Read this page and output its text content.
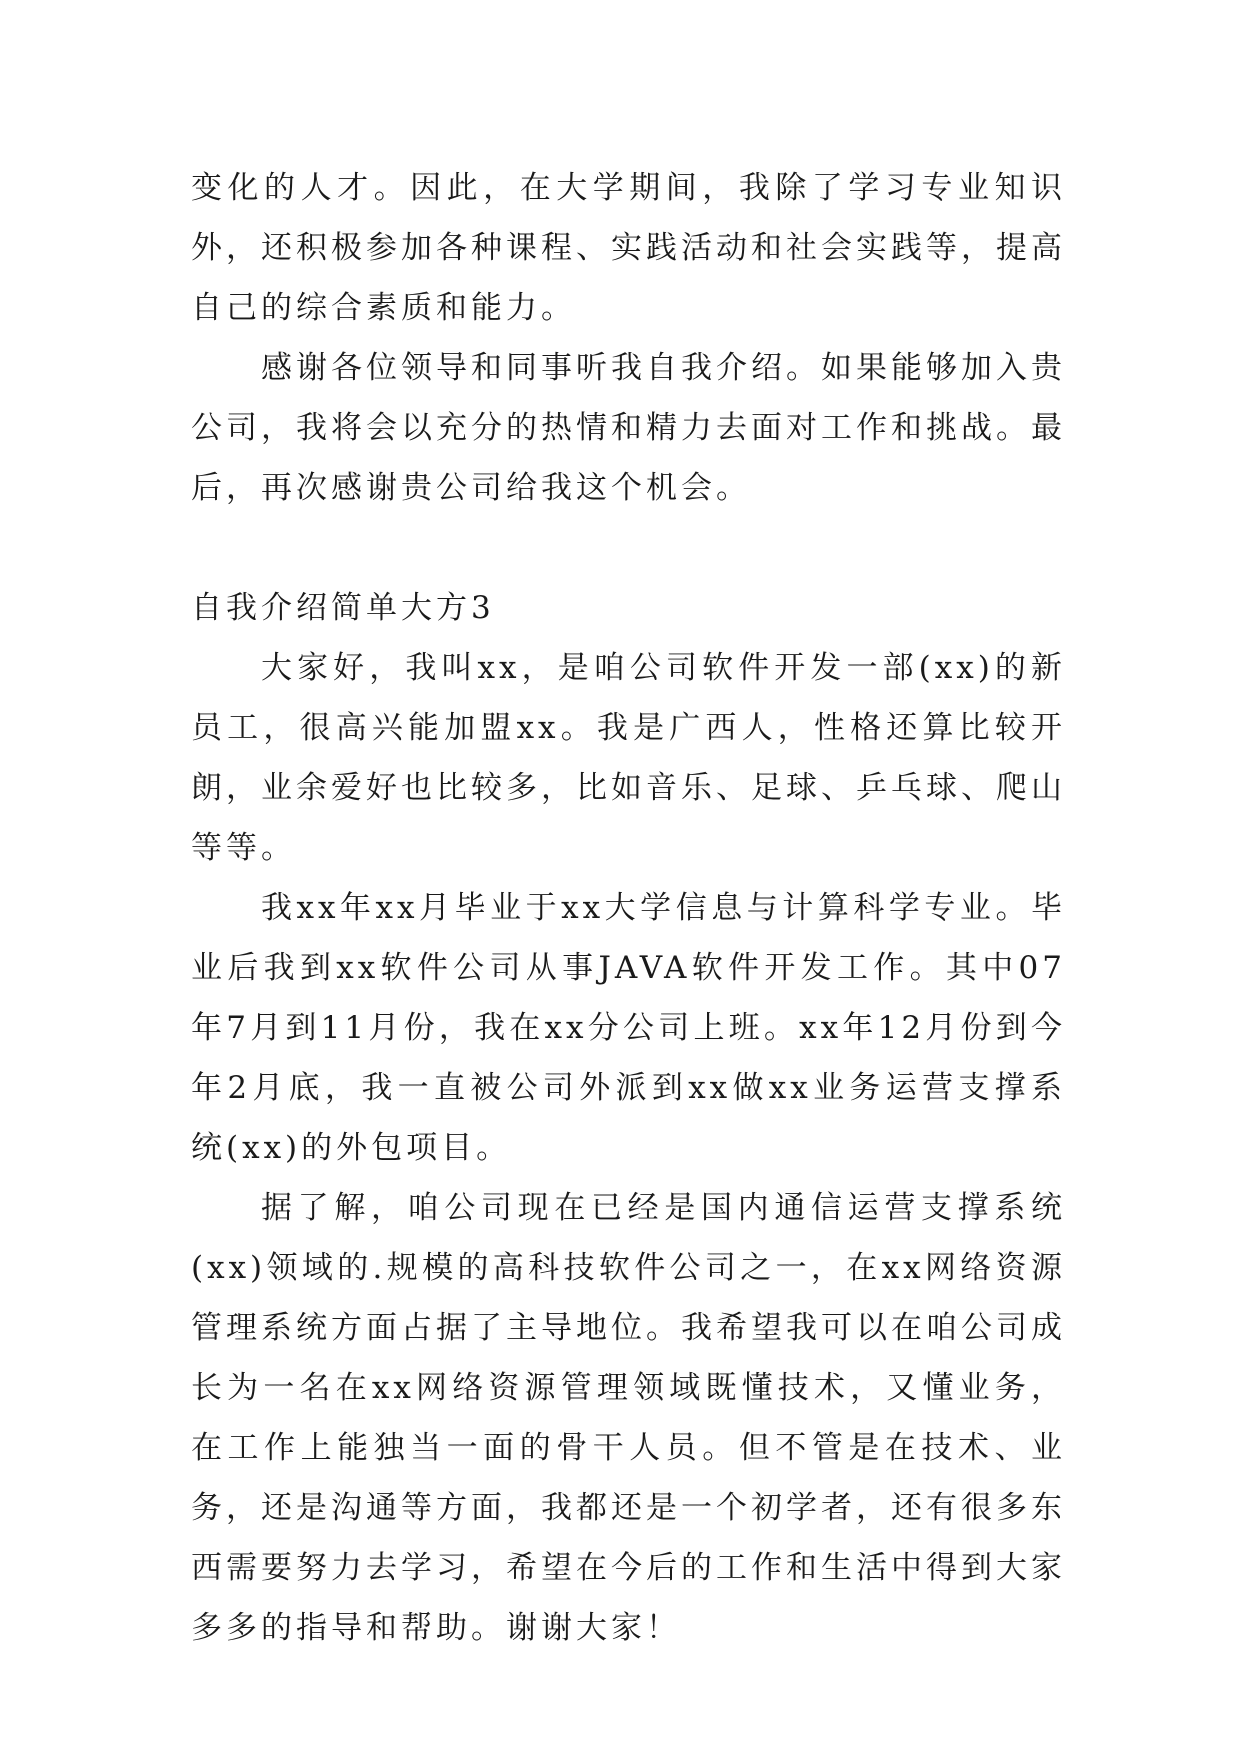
变化的人才。因此，在大学期间，我除了学习专业知识外，还积极参加各种课程、实践活动和社会实践等，提高自己的综合素质和能力。

感谢各位领导和同事听我自我介绍。如果能够加入贵公司，我将会以充分的热情和精力去面对工作和挑战。最后，再次感谢贵公司给我这个机会。

自我介绍简单大方3

大家好，我叫xx，是咱公司软件开发一部(xx)的新员工，很高兴能加盟xx。我是广西人，性格还算比较开朗，业余爱好也比较多，比如音乐、足球、乒乓球、爬山等等。

我xx年xx月毕业于xx大学信息与计算科学专业。毕业后我到xx软件公司从事JAVA软件开发工作。其中07年7月到11月份，我在xx分公司上班。xx年12月份到今年2月底，我一直被公司外派到xx做xx业务运营支撑系统(xx)的外包项目。

据了解，咱公司现在已经是国内通信运营支撑系统(xx)领域的.规模的高科技软件公司之一，在xx网络资源管理系统方面占据了主导地位。我希望我可以在咱公司成长为一名在xx网络资源管理领域既懂技术，又懂业务，在工作上能独当一面的骨干人员。但不管是在技术、业务，还是沟通等方面，我都还是一个初学者，还有很多东西需要努力去学习，希望在今后的工作和生活中得到大家多多的指导和帮助。谢谢大家！
